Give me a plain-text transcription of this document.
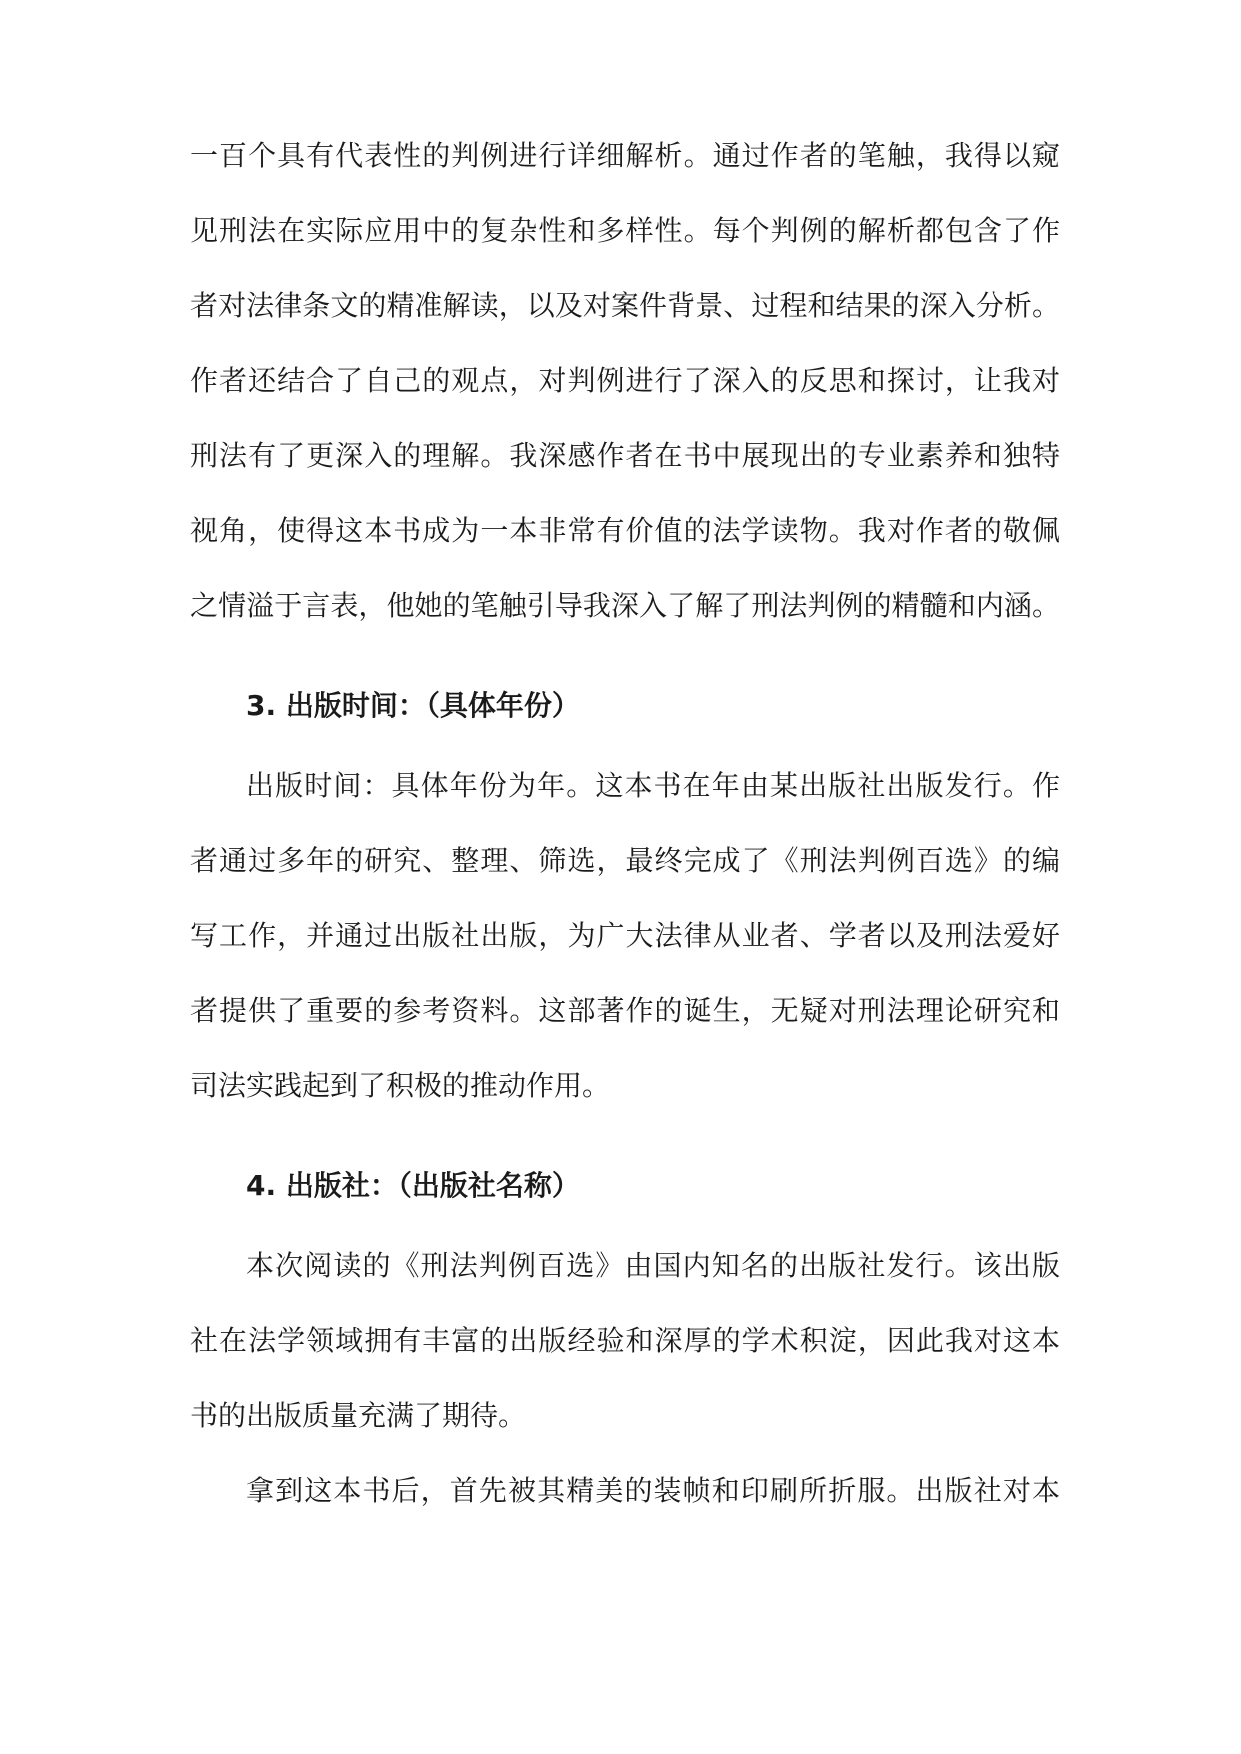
一百个具有代表性的判例进行详细解析。通过作者的笔触，我得以窥
见刑法在实际应用中的复杂性和多样性。每个判例的解析都包含了作
者对法律条文的精准解读，以及对案件背景、过程和结果的深入分析。
作者还结合了自己的观点，对判例进行了深入的反思和探讨，让我对
刑法有了更深入的理解。我深感作者在书中展现出的专业素养和独特
视角，使得这本书成为一本非常有价值的法学读物。我对作者的敬佩
之情溢于言表，他她的笔触引导我深入了解了刑法判例的精髓和内涵。
3. 出版时间：（具体年份）
出版时间：具体年份为年。这本书在年由某出版社出版发行。作
者通过多年的研究、整理、筛选，最终完成了《刑法判例百选》的编
写工作，并通过出版社出版，为广大法律从业者、学者以及刑法爱好
者提供了重要的参考资料。这部著作的诞生，无疑对刑法理论研究和
司法实践起到了积极的推动作用。
4. 出版社：（出版社名称）
本次阅读的《刑法判例百选》由国内知名的出版社发行。该出版
社在法学领域拥有丰富的出版经验和深厚的学术积淀，因此我对这本
书的出版质量充满了期待。
拿到这本书后，首先被其精美的装帧和印刷所折服。出版社对本
